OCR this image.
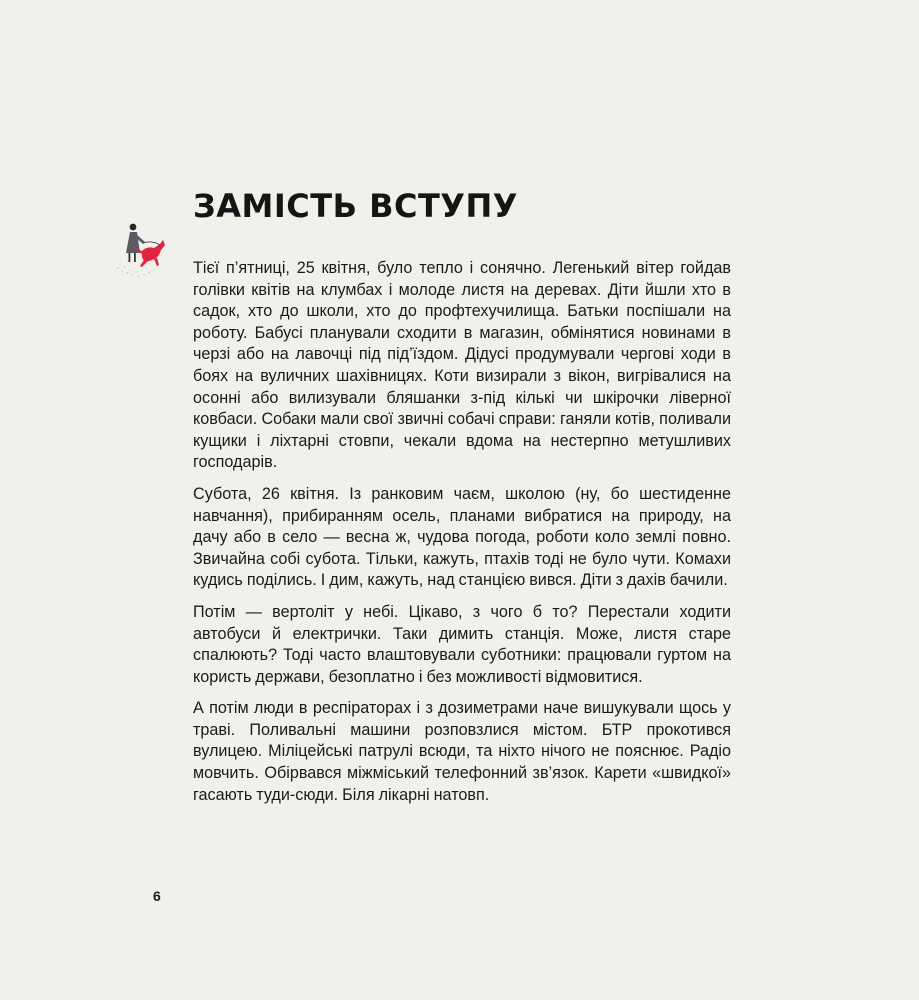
ЗАМІСТЬ ВСТУПУ

Тієї п’ятниці, 25 квітня, було тепло і сонячно. Легенький вітер гойдав голівки квітів на клумбах і молоде листя на деревах. Діти йшли хто в садок, хто до школи, хто до профтехучилища. Батьки поспішали на роботу. Бабусі планували сходити в магазин, обмінятися новинами в черзі або на лавочці під під’їздом. Дідусі продумували чергові ходи в боях на вуличних шахівницях. Коти визирали з вікон, вигрівалися на осонні або вилизували бляшанки з-під кількі чи шкірочки ліверної ковбаси. Собаки мали свої звичні собачі справи: ганяли котів, поливали кущики і ліхтарні стовпи, чекали вдома на нестерпно метушливих господарів.

Субота, 26 квітня. Із ранковим чаєм, школою (ну, бо шестиденне навчання), прибиранням осель, планами вибратися на природу, на дачу або в село — весна ж, чудова погода, роботи коло землі повно. Звичайна собі субота. Тільки, кажуть, птахів тоді не було чути. Комахи кудись поділись. І дим, кажуть, над станцією вився. Діти з дахів бачили.

Потім — вертоліт у небі. Цікаво, з чого б то? Перестали ходити автобуси й електрички. Таки димить станція. Може, листя старе спалюють? Тоді часто влаштовували суботники: працювали гуртом на користь держави, безоплатно і без можливості відмовитися.

А потім люди в респіраторах і з дозиметрами наче вишукували щось у траві. Поливальні машини розповзлися містом. БТР прокотився вулицею. Міліцейські патрулі всюди, та ніхто нічого не пояснює. Радіо мовчить. Обірвався міжміський телефонний зв’язок. Карети «швидкої» гасають туди-сюди. Біля лікарні натовп.

6
